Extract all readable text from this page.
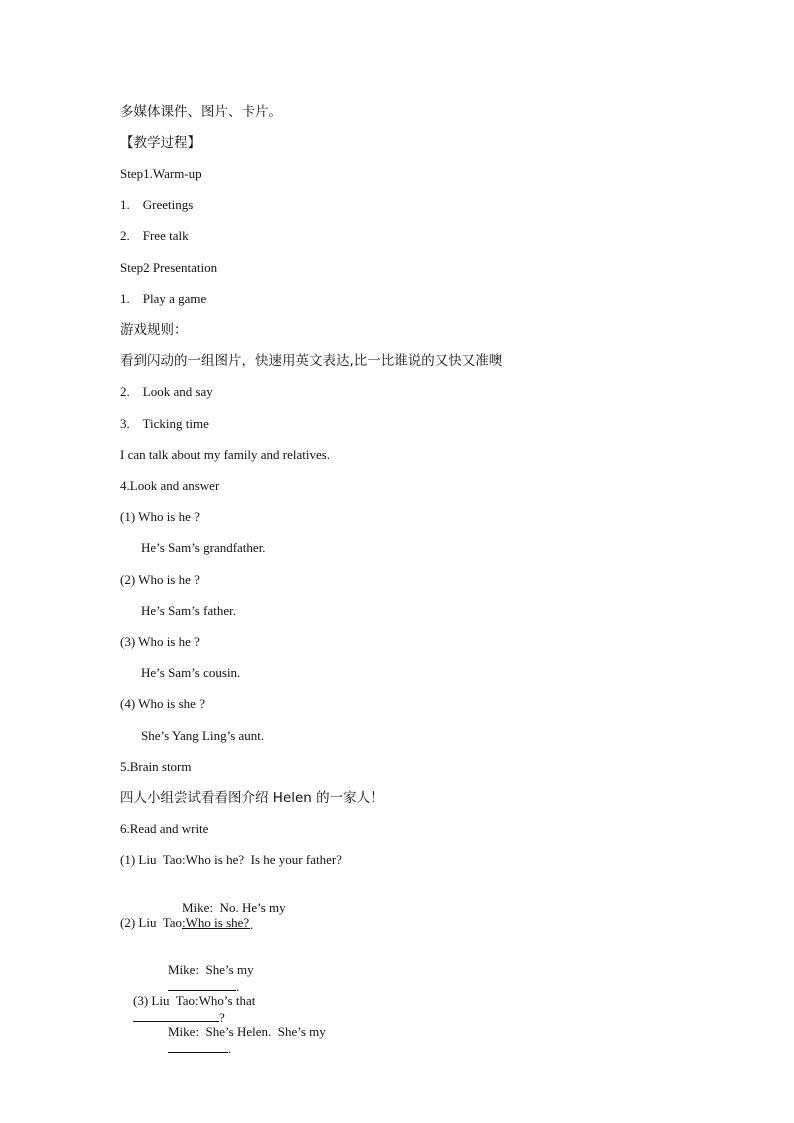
多媒体课件、图片、卡片。
【教学过程】
Step1.Warm-up
1.    Greetings
2.    Free talk
Step2 Presentation
1.    Play a game
游戏规则：
看到闪动的一组图片，快速用英文表达,比一比谁说的又快又准噢
2.    Look and say
3.    Ticking time
I can talk about my family and relatives.
4.Look and answer
(1) Who is he ?
He’s Sam’s grandfather.
(2) Who is he ?
He’s Sam’s father.
(3) Who is he ?
He’s Sam’s cousin.
(4) Who is she ?
She’s Yang Ling’s aunt.
5.Brain storm
四人小组尝试看看图介绍 Helen 的一家人！
6.Read and write
(1) Liu  Tao:Who is he?  Is he your father?

Mike:  No. He’s my
.

(2) Liu  Tao:Who is she?

Mike:  She’s my
.

(3) Liu  Tao:Who’s that
?

Mike:  She’s Helen.  She’s my
.
